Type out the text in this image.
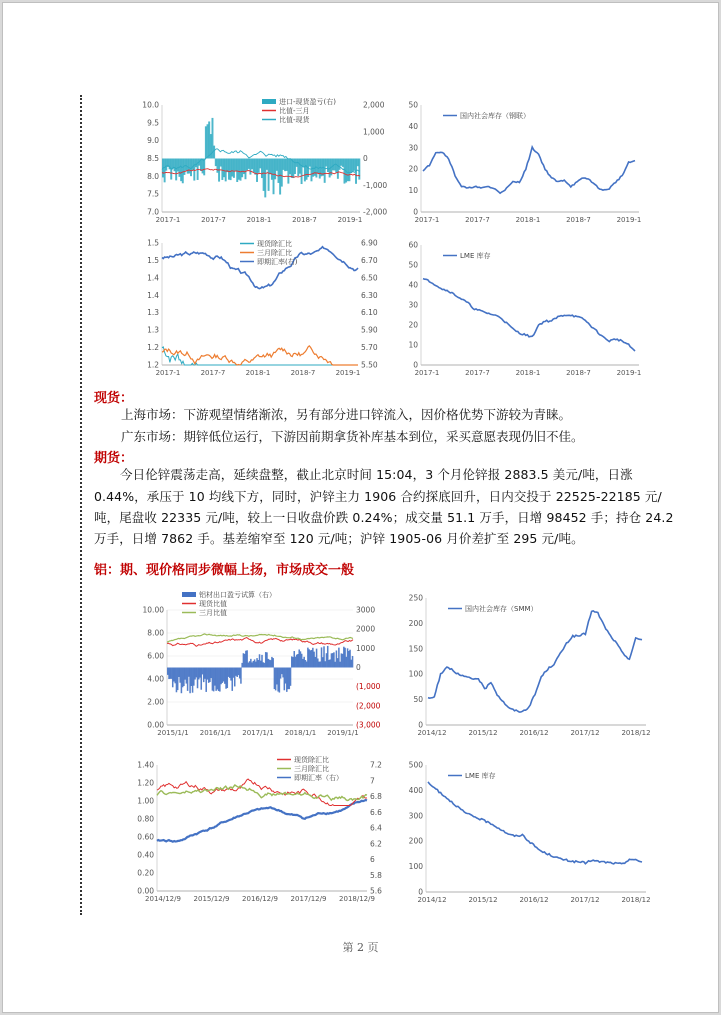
10.0
9.5
9.0
8.5
8.0
7.5
7.0
2,000
1,000
0
-1,000
-2,000
2017-1	2017-7	2018-1	2018-7	2019-1
进口-现货盈亏(右)
比值-三月
比值-现货
50
40
30
20
10
0
2017-1	2017-7	2018-1	2018-7	2019-1
国内社会库存（钢联）
1.5
1.5
1.4
1.4
1.3
1.3
1.2
1.2
6.90
6.70
6.50
6.30
6.10
5.90
5.70
5.50
2017-1	2017-7	2018-1	2018-7	2019-1
现货除汇比
三月除汇比
即期汇率(右)
60
50
40
30
20
10
0
2017-1	2017-7	2018-1	2018-7	2019-1
LME 库存
现货：
上海市场：下游观望情绪渐浓，另有部分进口锌流入，因价格优势下游较为青睐。
广东市场：期锌低位运行，下游因前期拿货补库基本到位，采买意愿表现仍旧不佳。
期货：
今日伦锌震荡走高，延续盘整，截止北京时间 15:04，3 个月伦锌报 2883.5 美元/吨，日涨
0.44%，承压于 10 均线下方，同时，沪锌主力 1906 合约探底回升，日内交投于 22525-22185 元/
吨，尾盘收 22335 元/吨，较上一日收盘价跌 0.24%；成交量 51.1 万手，日增 98452 手；持仓 24.2
万手，日增 7862 手。基差缩窄至 120 元/吨；沪锌 1905-06 月价差扩至 295 元/吨。
铝：期、现价格同步微幅上扬，市场成交一般
10.00
8.00
6.00
4.00
2.00
0.00
3000
2000
1000
0
(1,000
(2,000
(3,000
2015/1/1 2016/1/1 2017/1/1 2018/1/1 2019/1/1
铝材出口盈亏试算（右）
现货比值
三月比值
250
200
150
100
50
0
2014/12	2015/12	2016/12	2017/12	2018/12
国内社会库存（SMM）
1.40
1.20
1.00
0.80
0.60
0.40
0.20
0.00
7.2
7
6.8
6.6
6.4
6.2
6
5.8
5.6
2014/12/9 2015/12/9 2016/12/9 2017/12/9 2018/12/9
现货除汇比
三月除汇比
即期汇率（右）
500
400
300
200
100
0
2014/12	2015/12	2016/12	2017/12	2018/12
LME 库存
第 2 页
